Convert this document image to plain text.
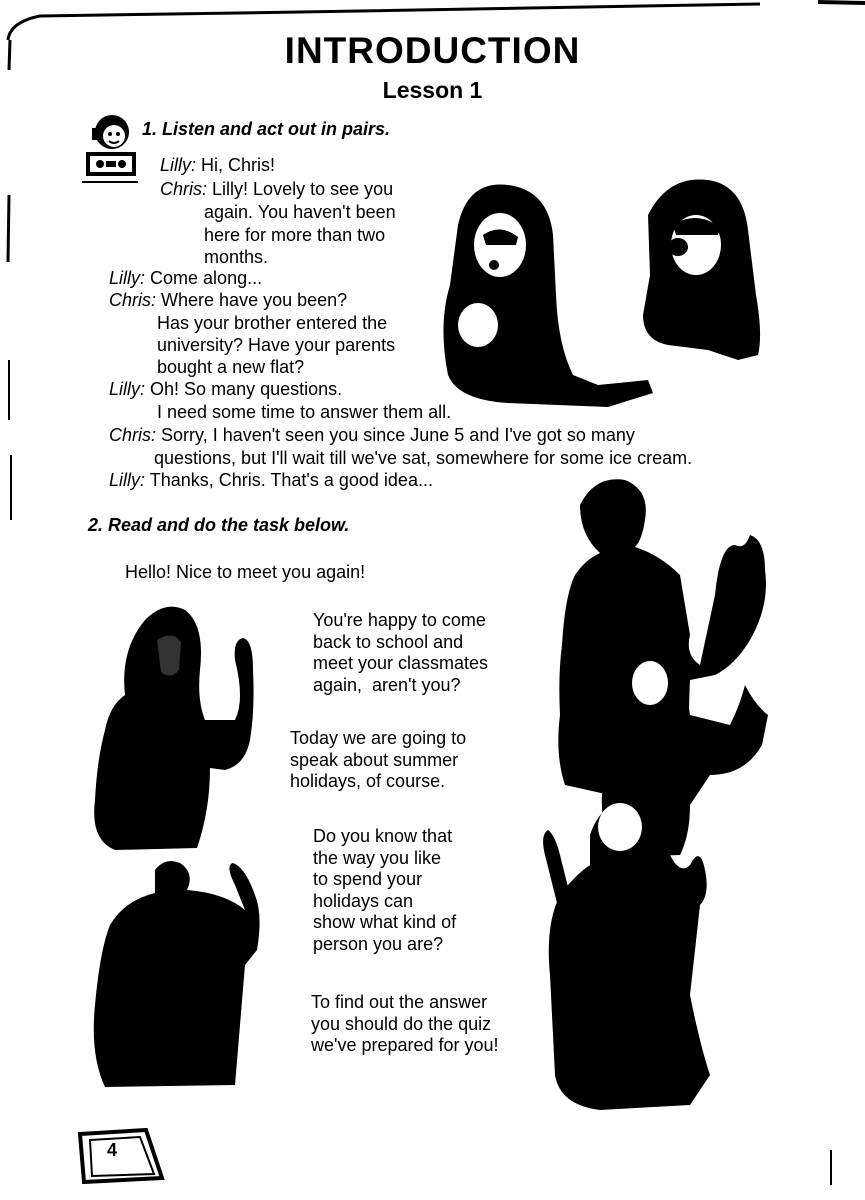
INTRODUCTION
Lesson 1
1. Listen and act out in pairs.
Lilly: Hi, Chris!
Chris: Lilly! Lovely to see you
again. You haven't been
here for more than two
months.
Lilly: Come along...
Chris: Where have you been?
Has your brother entered the
university? Have your parents
bought a new flat?
Lilly: Oh! So many questions.
I need some time to answer them all.
Chris: Sorry, I haven't seen you since June 5 and I've got so many
questions, but I'll wait till we've sat, somewhere for some ice cream.
Lilly: Thanks, Chris. That's a good idea...
2. Read and do the task below.
Hello! Nice to meet you again!
You're happy to come
back to school and
meet your classmates
again,  aren't you?
Today we are going to
speak about summer
holidays, of course.
Do you know that
the way you like
to spend your
holidays can
show what kind of
person you are?
To find out the answer
you should do the quiz
we've prepared for you!
4
